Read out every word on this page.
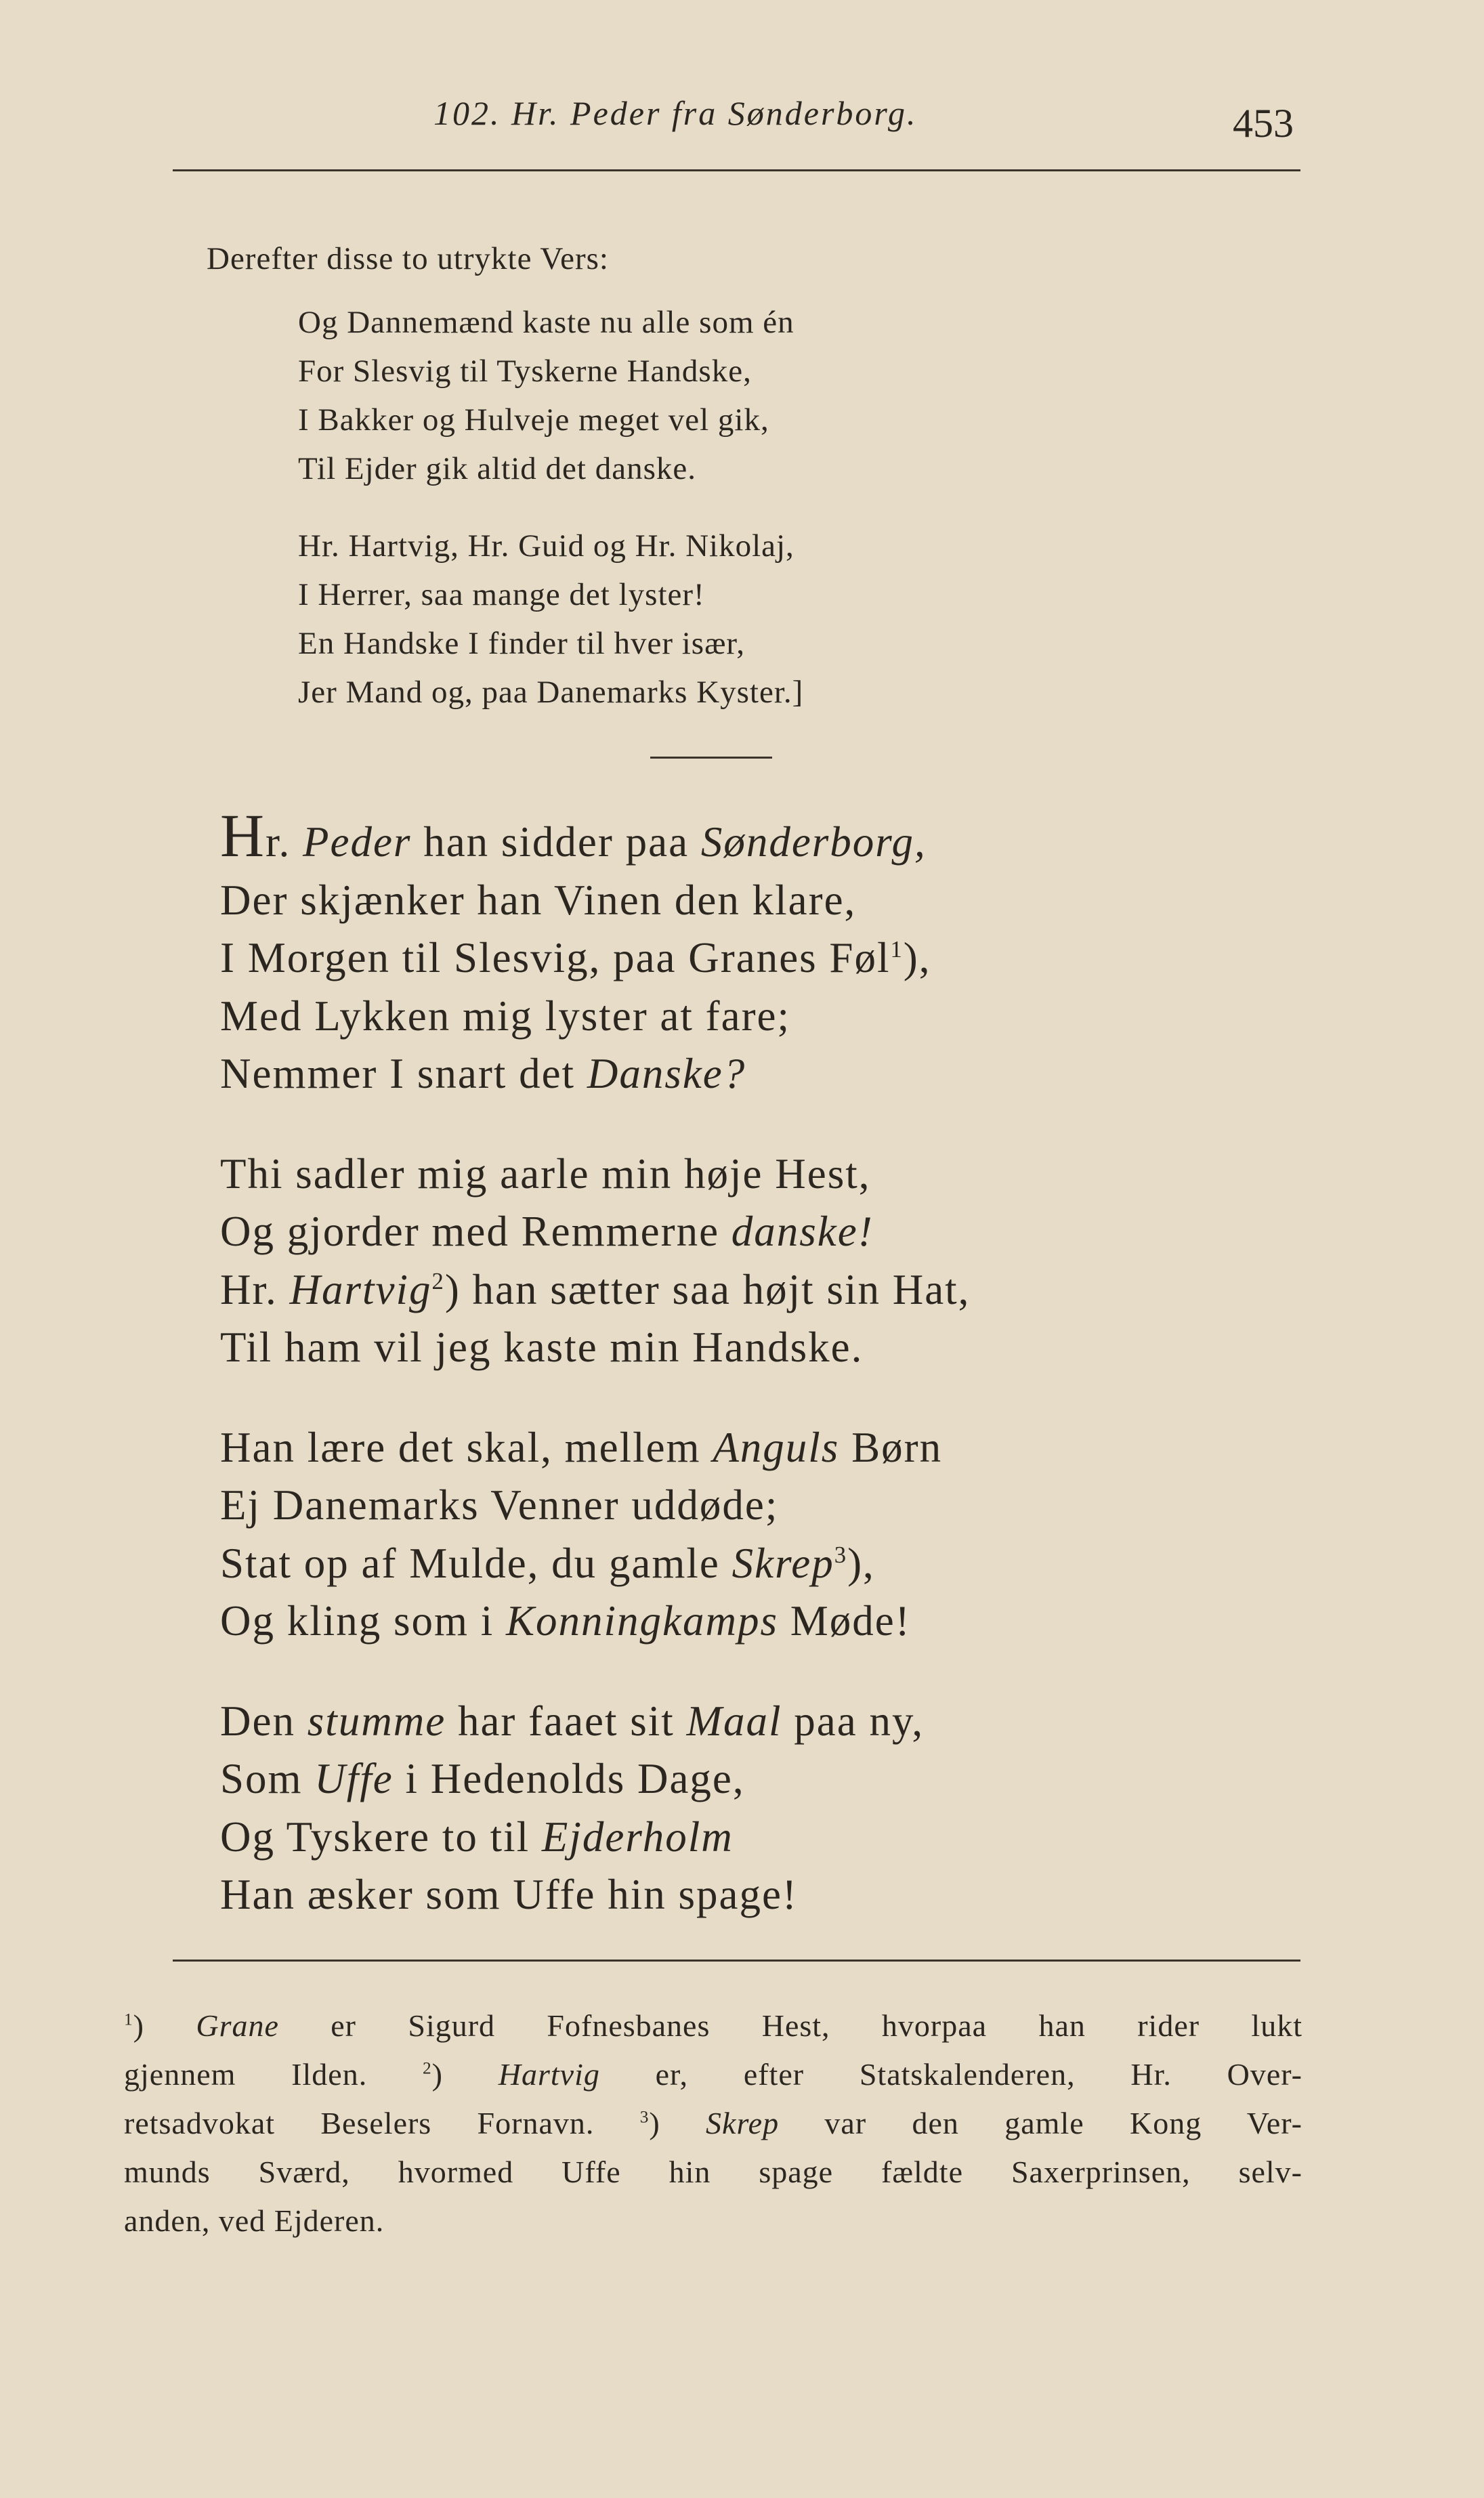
102. Hr. Peder fra Sønderborg.	453
Derefter disse to utrykte Vers:
Og Dannemænd kaste nu alle som én
For Slesvig til Tyskerne Handske,
I Bakker og Hulveje meget vel gik,
Til Ejder gik altid det danske.
Hr. Hartvig, Hr. Guid og Hr. Nikolaj,
I Herrer, saa mange det lyster!
En Handske I finder til hver især,
Jer Mand og, paa Danemarks Kyster.]
Hr. Peder han sidder paa Sønderborg,
Der skjænker han Vinen den klare,
I Morgen til Slesvig, paa Granes Føl$^1$),
Med Lykken mig lyster at fare;
Nemmer I snart det Danske?
Thi sadler mig aarle min høje Hest,
Og gjorder med Remmerne danske!
Hr. Hartvig$^2$) han sætter saa højt sin Hat,
Til ham vil jeg kaste min Handske.
Han lære det skal, mellem Anguls Børn
Ej Danemarks Venner uddøde;
Stat op af Mulde, du gamle Skrep$^3$),
Og kling som i Konningkamps Møde!
Den stumme har faaet sit Maal paa ny,
Som Uffe i Hedenolds Dage,
Og Tyskere to til Ejderholm
Han æsker som Uffe hin spage!
$^1$) Grane er Sigurd Fofnesbanes Hest, hvorpaa han rider lukt
gjennem Ilden.	$^2$) Hartvig er, efter Statskalenderen, Hr. Over-
retsadvokat Beselers Fornavn.	$^3$) Skrep var den gamle Kong Ver-
munds Sværd, hvormed Uffe hin spage fældte Saxerprinsen, selv-
anden, ved Ejderen.
